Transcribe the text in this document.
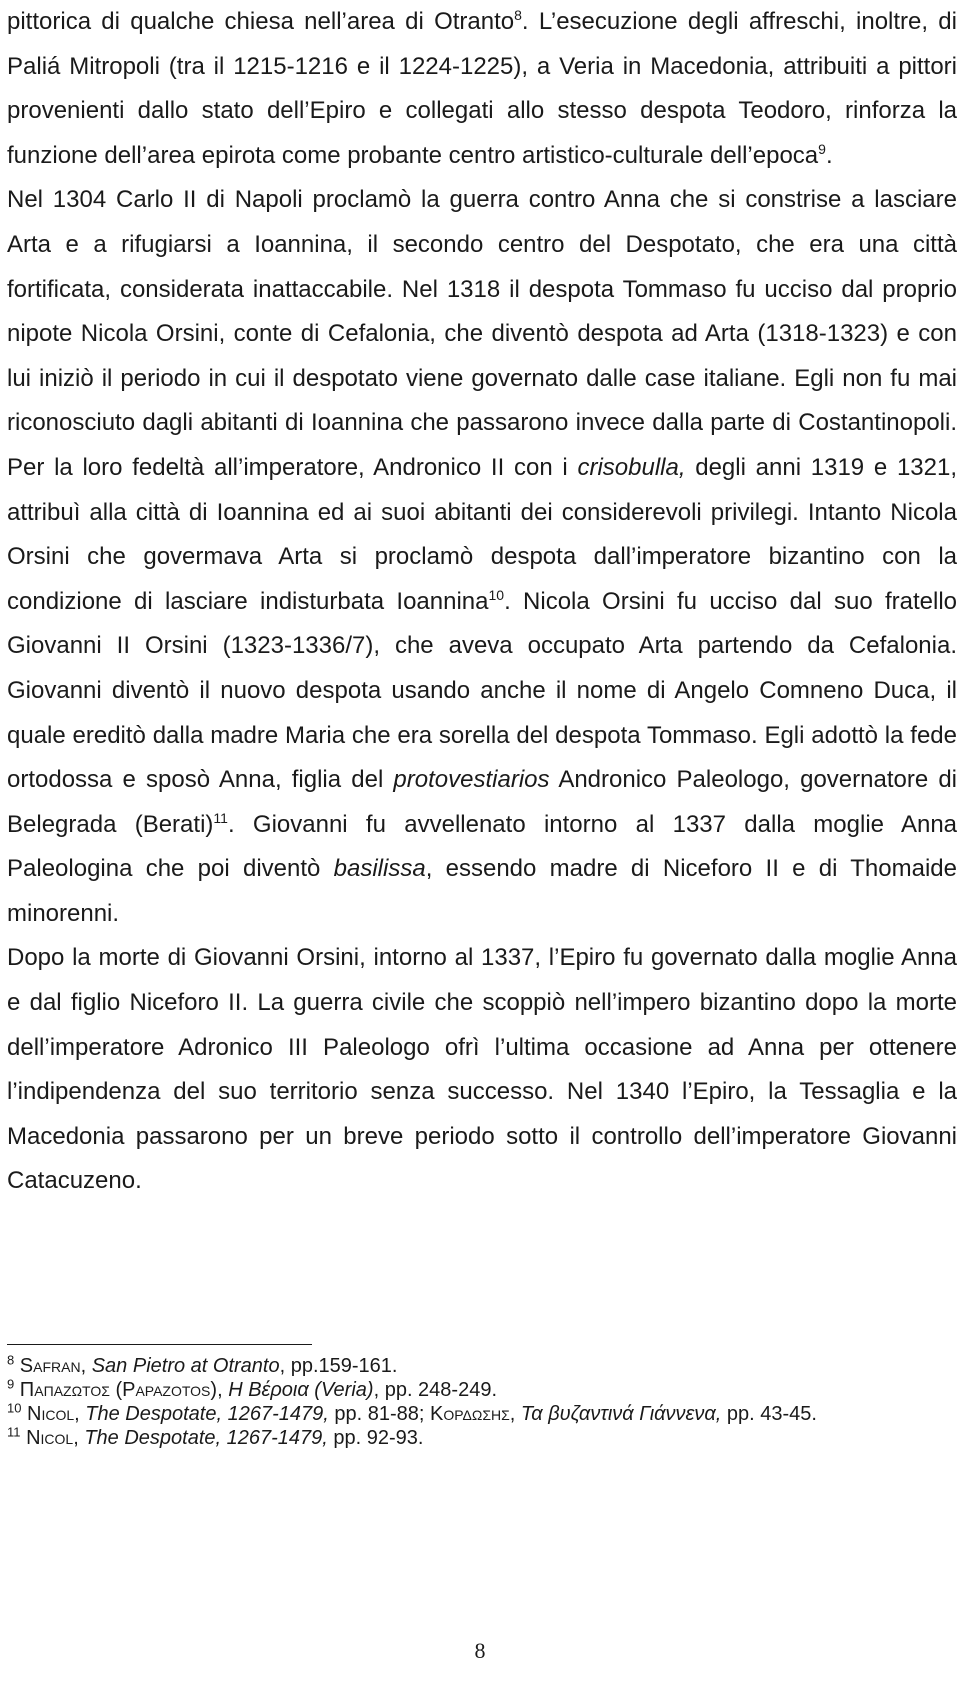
pittorica di qualche chiesa nell’area di Otranto$^8$. L’esecuzione degli affreschi, inoltre, di Paliá Mitropoli (tra il 1215-1216 e il 1224-1225), a Veria in Macedonia, attribuiti a pittori provenienti dallo stato dell’Epiro e collegati allo stesso despota Teodoro, rinforza la funzione dell’area epirota come probante centro artistico-culturale dell’epoca$^9$.

Nel 1304 Carlo II di Napoli proclamò la guerra contro Anna che si constrise a lasciare Arta e a rifugiarsi a Ioannina, il secondo centro del Despotato, che era una città fortificata, considerata inattaccabile. Nel 1318 il despota Tommaso fu ucciso dal proprio nipote Nicola Orsini, conte di Cefalonia, che diventò despota ad Arta (1318-1323) e con lui iniziò il periodo in cui il despotato viene governato dalle case italiane. Egli non fu mai riconosciuto dagli abitanti di Ioannina che passarono invece dalla parte di Costantinopoli. Per la loro fedeltà all’imperatore, Andronico II con i crisobulla, degli anni 1319 e 1321, attribuì alla città di Ioannina ed ai suoi abitanti dei considerevoli privilegi. Intanto Nicola Orsini che govermava Arta si proclamò despota dall’imperatore bizantino con la condizione di lasciare indisturbata Ioannina$^{10}$. Nicola Orsini fu ucciso dal suo fratello Giovanni II Orsini (1323-1336/7), che aveva occupato Arta partendo da Cefalonia. Giovanni diventò il nuovo despota usando anche il nome di Angelo Comneno Duca, il quale ereditò dalla madre Maria che era sorella del despota Tommaso. Egli adottò la fede ortodossa e sposò Anna, figlia del protovestiarios Andronico Paleologo, governatore di Belegrada (Berati)$^{11}$. Giovanni fu avvellenato intorno al 1337 dalla moglie Anna Paleologina che poi diventò basilissa, essendo madre di Niceforo II e di Thomaide minorenni.

Dopo la morte di Giovanni Orsini, intorno al 1337, l’Epiro fu governato dalla moglie Anna e dal figlio Niceforo II. La guerra civile che scoppiò nell’impero bizantino dopo la morte dell’imperatore Adronico III Paleologo ofrì l’ultima occasione ad Anna per ottenere l’indipendenza del suo territorio senza successo. Nel 1340 l’Epiro, la Tessaglia e la Macedonia passarono per un breve periodo sotto il controllo dell’imperatore Giovanni Catacuzeno.

$^8$ Safran, San Pietro at Otranto, pp.159-161.

$^9$ Παπαζωτος (Papazotos), Η Βέροια (Veria), pp. 248-249.

$^{10}$ Nicol, The Despotate, 1267-1479, pp. 81-88; Κορδωσης, Τα βυζαντινά Γιάννενα, pp. 43-45.

$^{11}$ Nicol, The Despotate, 1267-1479, pp. 92-93.

8
